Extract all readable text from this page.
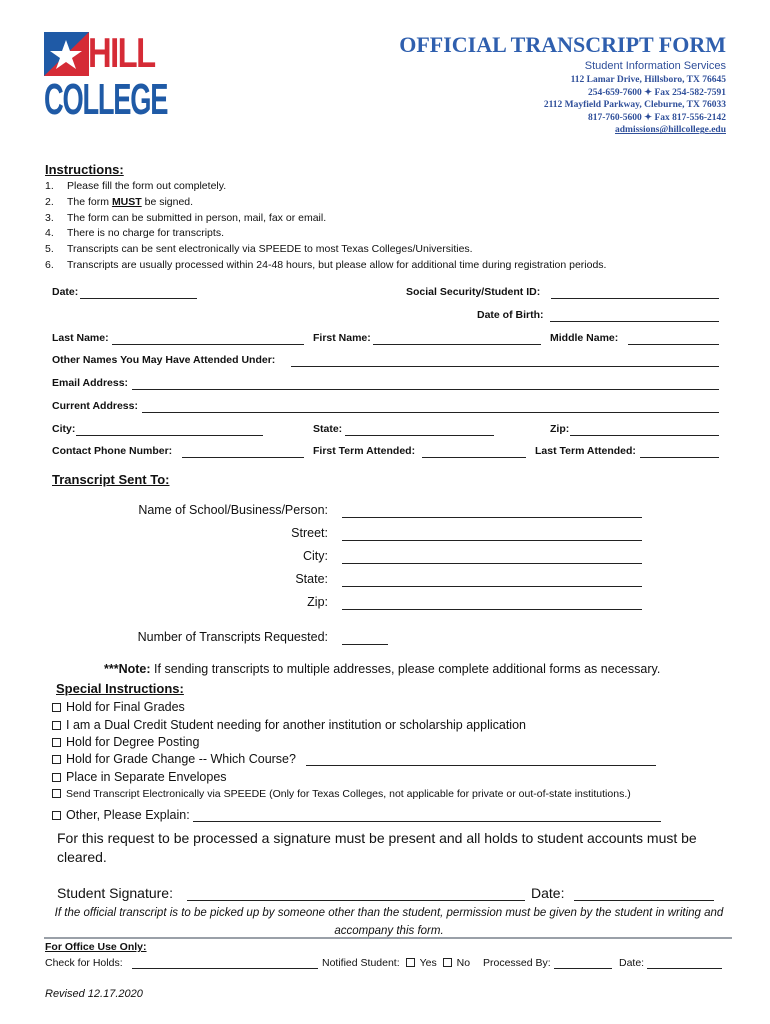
HILL
COLLEGE
OFFICIAL TRANSCRIPT FORM
Student Information Services
112 Lamar Drive, Hillsboro, TX 76645
254-659-7600 ✦ Fax 254-582-7591
2112 Mayfield Parkway, Cleburne, TX 76033
817-760-5600 ✦ Fax 817-556-2142
admissions@hillcollege.edu
Instructions:
1. Please fill the form out completely.
2. The form MUST be signed.
3. The form can be submitted in person, mail, fax or email.
4. There is no charge for transcripts.
5. Transcripts can be sent electronically via SPEEDE to most Texas Colleges/Universities.
6. Transcripts are usually processed within 24-48 hours, but please allow for additional time during registration periods.
Date:	Social Security/Student ID:
Date of Birth:
Last Name:	First Name:	Middle Name:
Other Names You May Have Attended Under:
Email Address:
Current Address:
City:	State:	Zip:
Contact Phone Number:	First Term Attended:	Last Term Attended:
Transcript Sent To:
Name of School/Business/Person:
Street:
City:
State:
Zip:
Number of Transcripts Requested:
***Note: If sending transcripts to multiple addresses, please complete additional forms as necessary.
Special Instructions:
Hold for Final Grades
I am a Dual Credit Student needing for another institution or scholarship application
Hold for Degree Posting
Hold for Grade Change -- Which Course?
Place in Separate Envelopes
Send Transcript Electronically via SPEEDE (Only for Texas Colleges, not applicable for private or out-of-state institutions.)
Other, Please Explain:
For this request to be processed a signature must be present and all holds to student accounts must be cleared.
Student Signature:	Date:
If the official transcript is to be picked up by someone other than the student, permission must be given by the student in writing and accompany this form.
For Office Use Only:
Check for Holds:	Notified Student: Yes No Processed By:	Date:
Revised 12.17.2020
